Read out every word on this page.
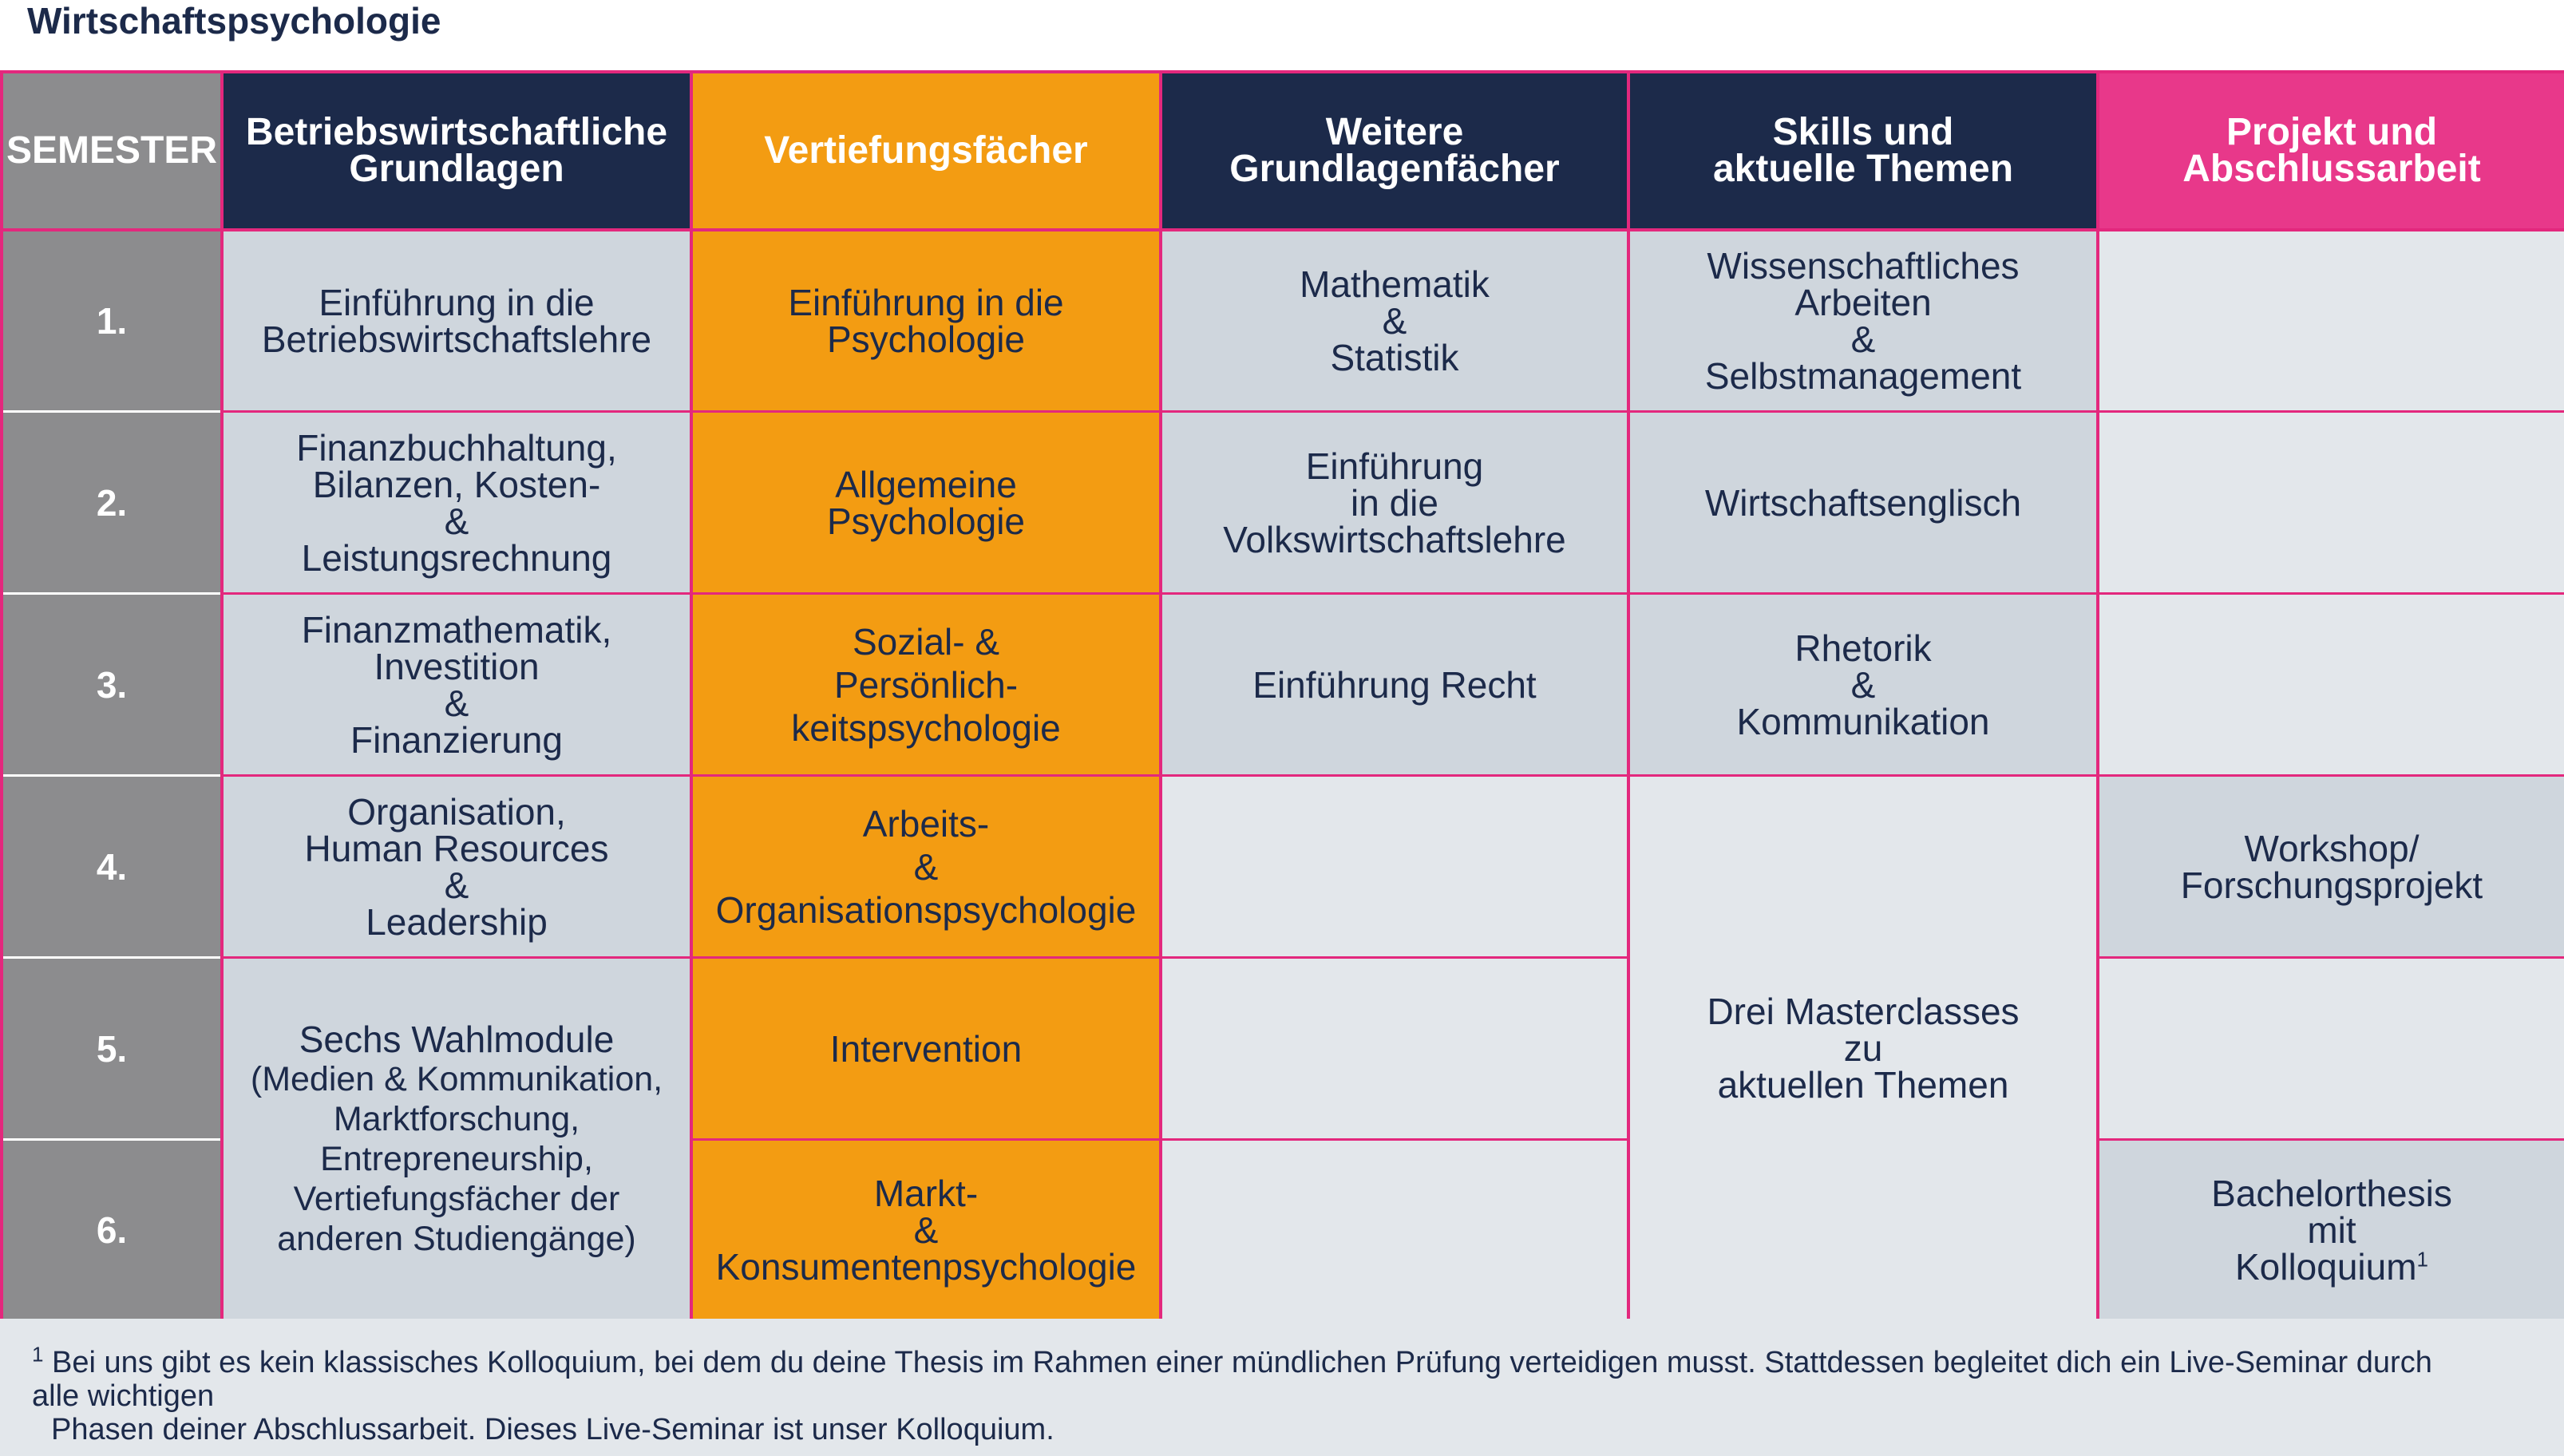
Wirtschaftspsychologie
SEMESTER Betriebswirtschaftliche
Grundlagen	Vertiefungsfächer	Weitere
Grundlagenfächer
Skills und
aktuelle Themen
Projekt und
Abschlussarbeit
1.
2.
3.
4.
5.
6.
Einführung in die
Betriebswirtschaftslehre
Finanzbuchhaltung,
Bilanzen, Kosten-
&
Leistungsrechnung
Finanzmathematik,
Investition
&
Finanzierung
Organisation,
Human Resources
&
Leadership
Sechs Wahlmodule
(Medien & Kommunikation,
Marktforschung,
Entrepreneurship,
Vertiefungsfächer der
anderen Studiengänge)
Einführung in die
Psychologie
Allgemeine
Psychologie
Sozial- &
Persönlich-
keitspsychologie
Arbeits-
&
Organisationspsychologie
Intervention
Markt-
&
Konsumentenpsychologie
Mathematik
&
Statistik
Einführung
in die
Volkswirtschaftslehre
Einführung Recht
Wissenschaftliches
Arbeiten
&
Selbstmanagement
Wirtschaftsenglisch
Rhetorik
&
Kommunikation
Drei Masterclasses
zu
aktuellen Themen
Workshop/
Forschungsprojekt
Bachelorthesis
mit
Kolloquium$^1$
$^1$ Bei uns gibt es kein klassisches Kolloquium, bei dem du deine Thesis im Rahmen einer mündlichen Prüfung verteidigen musst. Stattdessen begleitet dich ein Live-Seminar durch alle wichtigen
Phasen deiner Abschlussarbeit. Dieses Live-Seminar ist unser Kolloquium.
